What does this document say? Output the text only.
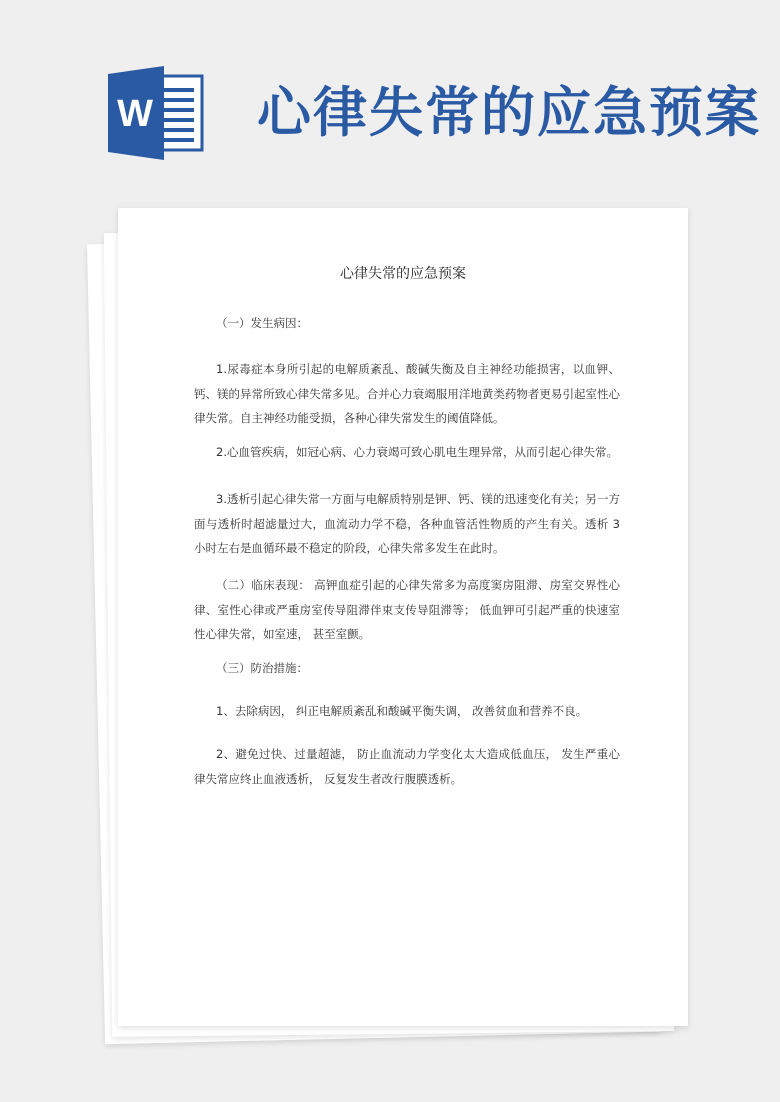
W 心律失常的应急预案
心律失常的应急预案

（一）发生病因：

1.尿毒症本身所引起的电解质紊乱、酸碱失衡及自主神经功能损害，以血钾、钙、镁的异常所致心律失常多见。合并心力衰竭服用洋地黄类药物者更易引起室性心律失常。自主神经功能受损，各种心律失常发生的阈值降低。

2.心血管疾病，如冠心病、心力衰竭可致心肌电生理异常，从而引起心律失常。

3.透析引起心律失常一方面与电解质特别是钾、钙、镁的迅速变化有关；另一方面与透析时超滤量过大，血流动力学不稳，各种血管活性物质的产生有关。透析 3 小时左右是血循环最不稳定的阶段，心律失常多发生在此时。

（二）临床表现： 高钾血症引起的心律失常多为高度窦房阻滞、房室交界性心律、室性心律或严重房室传导阻滞伴束支传导阻滞等； 低血钾可引起严重的快速室性心律失常，如室速， 甚至室颤。

（三）防治措施：

1、去除病因， 纠正电解质紊乱和酸碱平衡失调， 改善贫血和营养不良。

2、避免过快、过量超滤， 防止血流动力学变化太大造成低血压， 发生严重心律失常应终止血液透析， 反复发生者改行腹膜透析。
